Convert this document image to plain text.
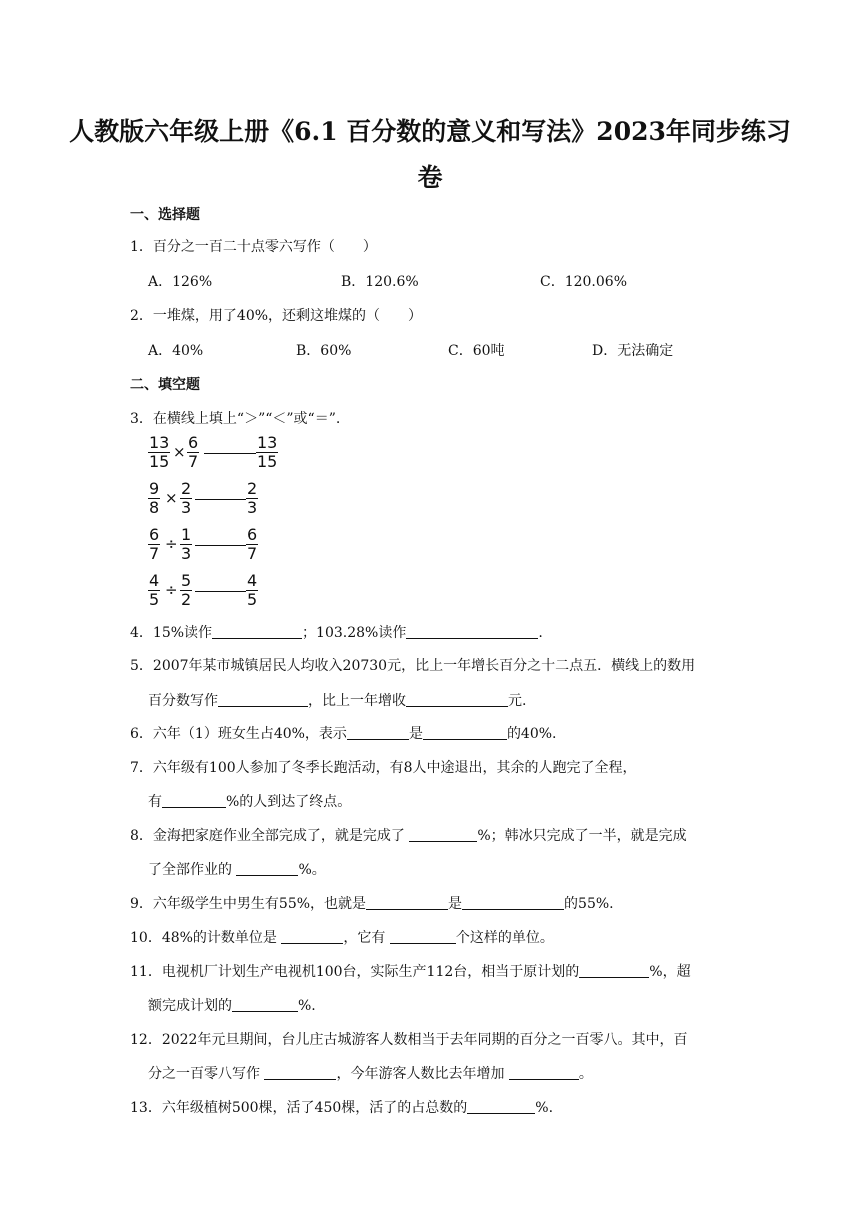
人教版六年级上册《6.1 百分数的意义和写法》2023年同步练习
卷
一、选择题
1．百分之一百二十点零六写作（　　）
A．126%	B．120.6%	C．120.06%
2．一堆煤，用了40%，还剩这堆煤的（　　）
A．40%	B．60%	C．60吨	D．无法确定
二、填空题
3．在横线上填上“＞”“＜”或“＝”.
13
15 × 6
7
13
15
9
8 × 2
3
2
3
6
7 ÷ 1
3
6
7
4
5 ÷ 5
2
4
5
4．15%读作	；103.28%读作	.
5．2007年某市城镇居民人均收入20730元，比上一年增长百分之十二点五．横线上的数用
百分数写作	，比上一年增收	元.
6．六年（1）班女生占40%，表示	是	的40%.
7．六年级有100人参加了冬季长跑活动，有8人中途退出，其余的人跑完了全程，
有	%的人到达了终点。
8．金海把家庭作业全部完成了，就是完成了	%；韩冰只完成了一半，就是完成
了全部作业的	%。
9．六年级学生中男生有55%，也就是	是	的55%.
10．48%的计数单位是	，它有	个这样的单位。
11．电视机厂计划生产电视机100台，实际生产112台，相当于原计划的	%，超
额完成计划的	%.
12．2022年元旦期间，台儿庄古城游客人数相当于去年同期的百分之一百零八。其中，百
分之一百零八写作	，今年游客人数比去年增加	。
13．六年级植树500棵，活了450棵，活了的占总数的	%.
